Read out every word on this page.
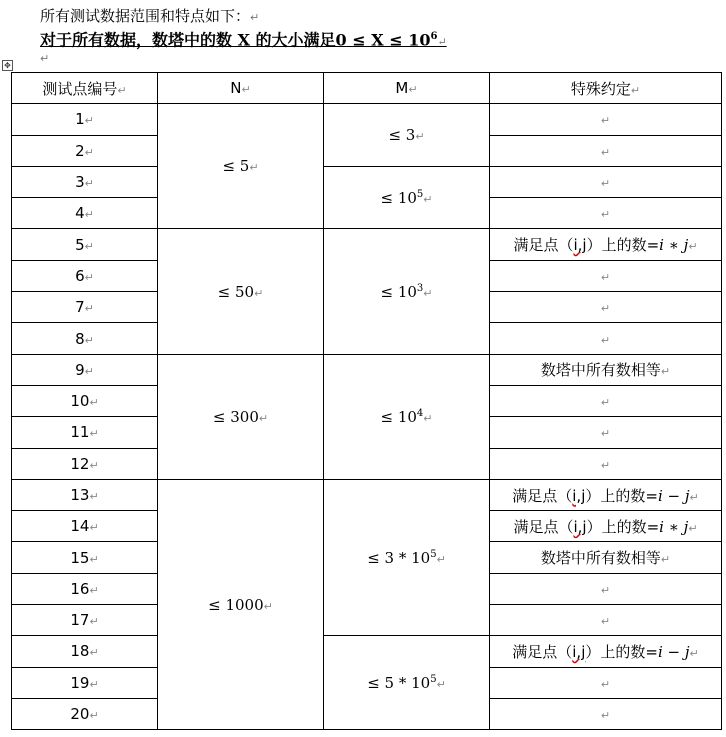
所有测试数据范围和特点如下：↵
对于所有数据，数塔中的数 X 的大小满足$0 \le X \le 10^6↵$
↵
✥
测试点编号↵	N↵	M↵	特殊约定↵
1↵	≤ 5↵	≤ 3↵	↵
2↵			↵
3↵		≤ $10^5↵$	↵
4↵			↵
5↵	≤ 50↵	≤ $10^3↵$	满足点（i,j）上的数=i ∗ j↵
6↵			↵
7↵			↵
8↵			↵
9↵	≤ 300↵	≤ $10^4↵$	数塔中所有数相等↵
10↵			↵
11↵			↵
12↵			↵
13↵	≤ 1000↵	≤ $3 * 10^5↵$	满足点（i,j）上的数=i − j↵
14↵			满足点（i,j）上的数=i ∗ j↵
15↵			数塔中所有数相等↵
16↵			↵
17↵			↵
18↵		≤ $5 * 10^5↵$	满足点（i,j）上的数=i − j↵
19↵			↵
20↵			↵
